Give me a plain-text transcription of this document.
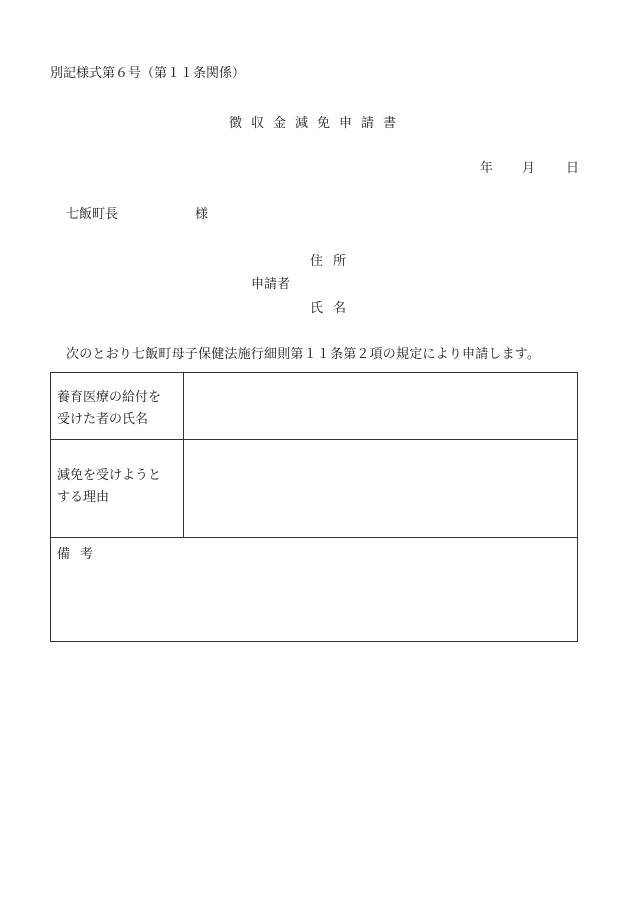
別記様式第６号（第１１条関係）
徴収金減免申請書
年 月 日
七飯町長	様
住所
申請者
氏名
次のとおり七飯町母子保健法施行細則第１１条第２項の規定により申請します。
養育医療の給付を
受けた者の氏名
減免を受けようと
する理由
備考
